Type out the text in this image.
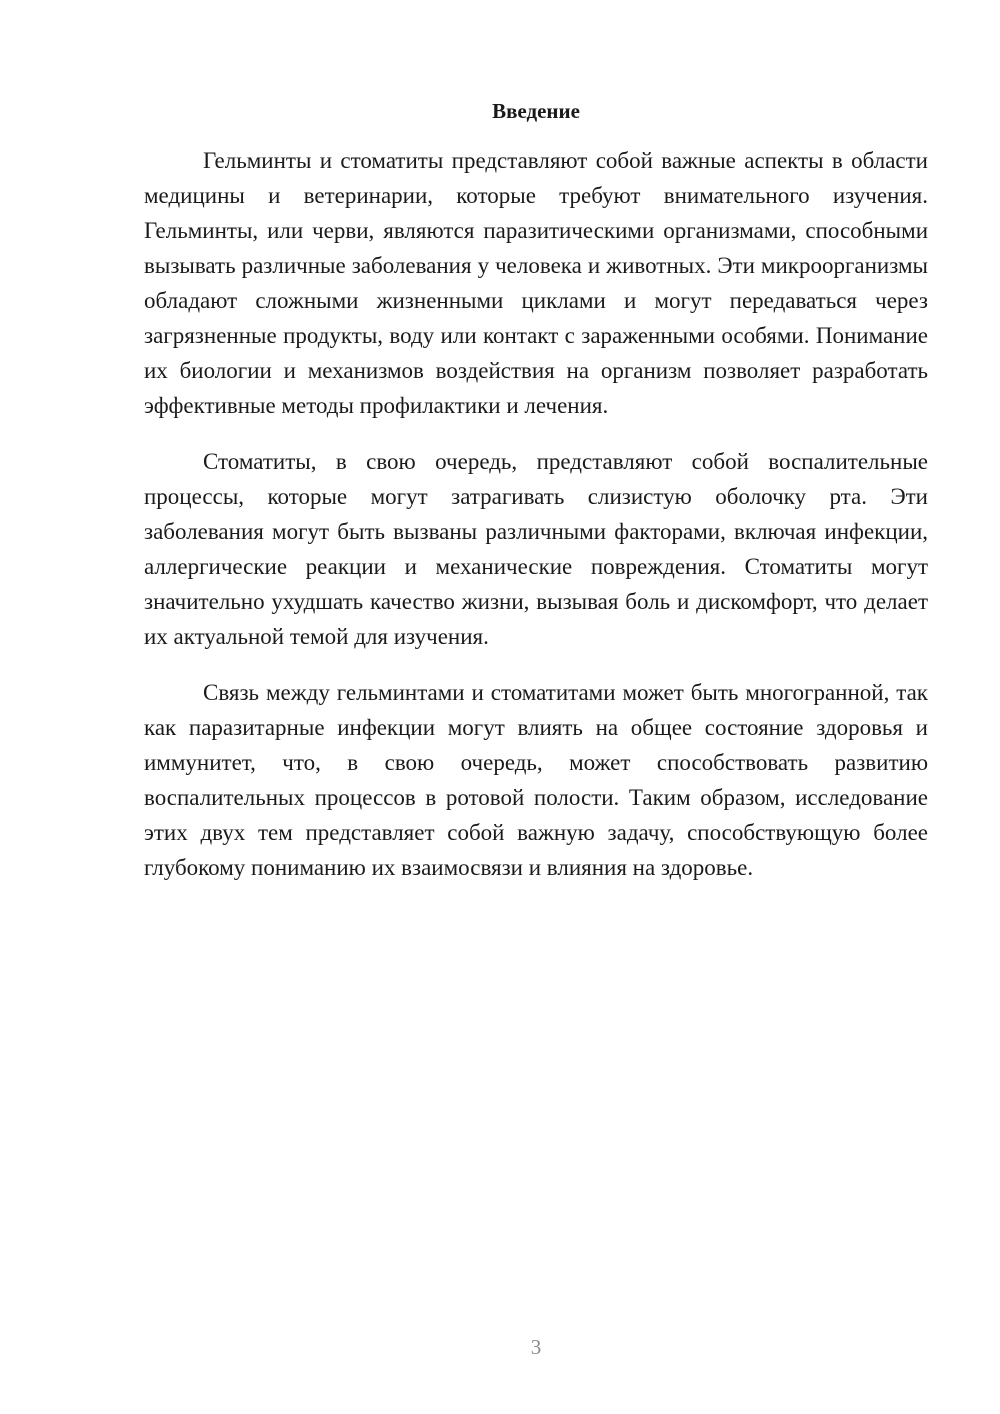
Введение

Гельминты и стоматиты представляют собой важные аспекты в области медицины и ветеринарии, которые требуют внимательного изучения. Гельминты, или черви, являются паразитическими организмами, способными вызывать различные заболевания у человека и животных. Эти микроорганизмы обладают сложными жизненными циклами и могут передаваться через загрязненные продукты, воду или контакт с зараженными особями. Понимание их биологии и механизмов воздействия на организм позволяет разработать эффективные методы профилактики и лечения.

Стоматиты, в свою очередь, представляют собой воспалительные процессы, которые могут затрагивать слизистую оболочку рта. Эти заболевания могут быть вызваны различными факторами, включая инфекции, аллергические реакции и механические повреждения. Стоматиты могут значительно ухудшать качество жизни, вызывая боль и дискомфорт, что делает их актуальной темой для изучения.

Связь между гельминтами и стоматитами может быть многогранной, так как паразитарные инфекции могут влиять на общее состояние здоровья и иммунитет, что, в свою очередь, может способствовать развитию воспалительных процессов в ротовой полости. Таким образом, исследование этих двух тем представляет собой важную задачу, способствующую более глубокому пониманию их взаимосвязи и влияния на здоровье.

3
